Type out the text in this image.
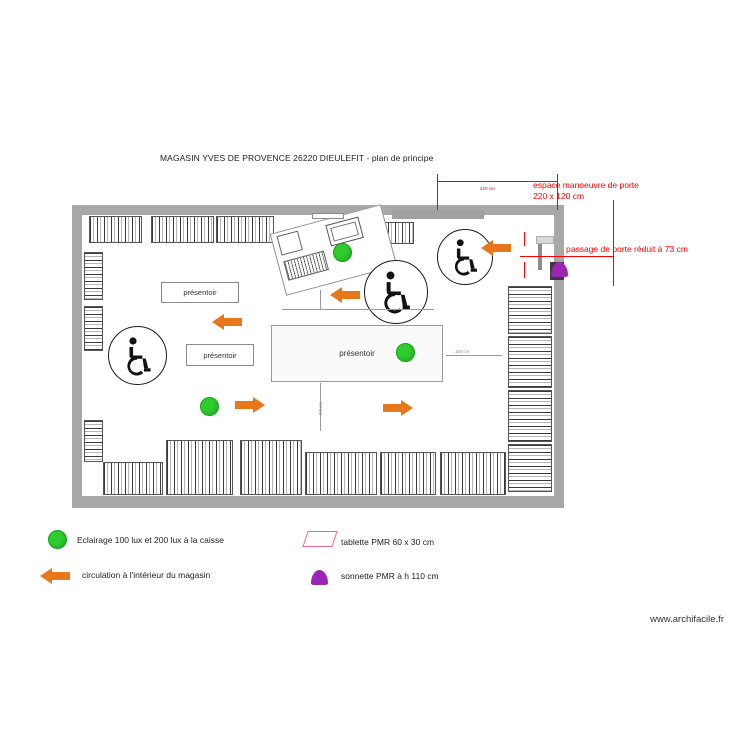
MAGASIN YVES DE PROVENCE 26220 DIEULEFIT - plan de principe
présentoir
présentoir	présentoir	150 cm
150 cm
220 cm	espace manoeuvre de porte
220 x 120 cm
passage de porte réduit à 73 cm
Eclairage 100 lux et 200 lux à la caisse
circulation à l'intérieur du magasin
tablette PMR 60 x 30 cm
sonnette PMR à h 110 cm
www.archifacile.fr
